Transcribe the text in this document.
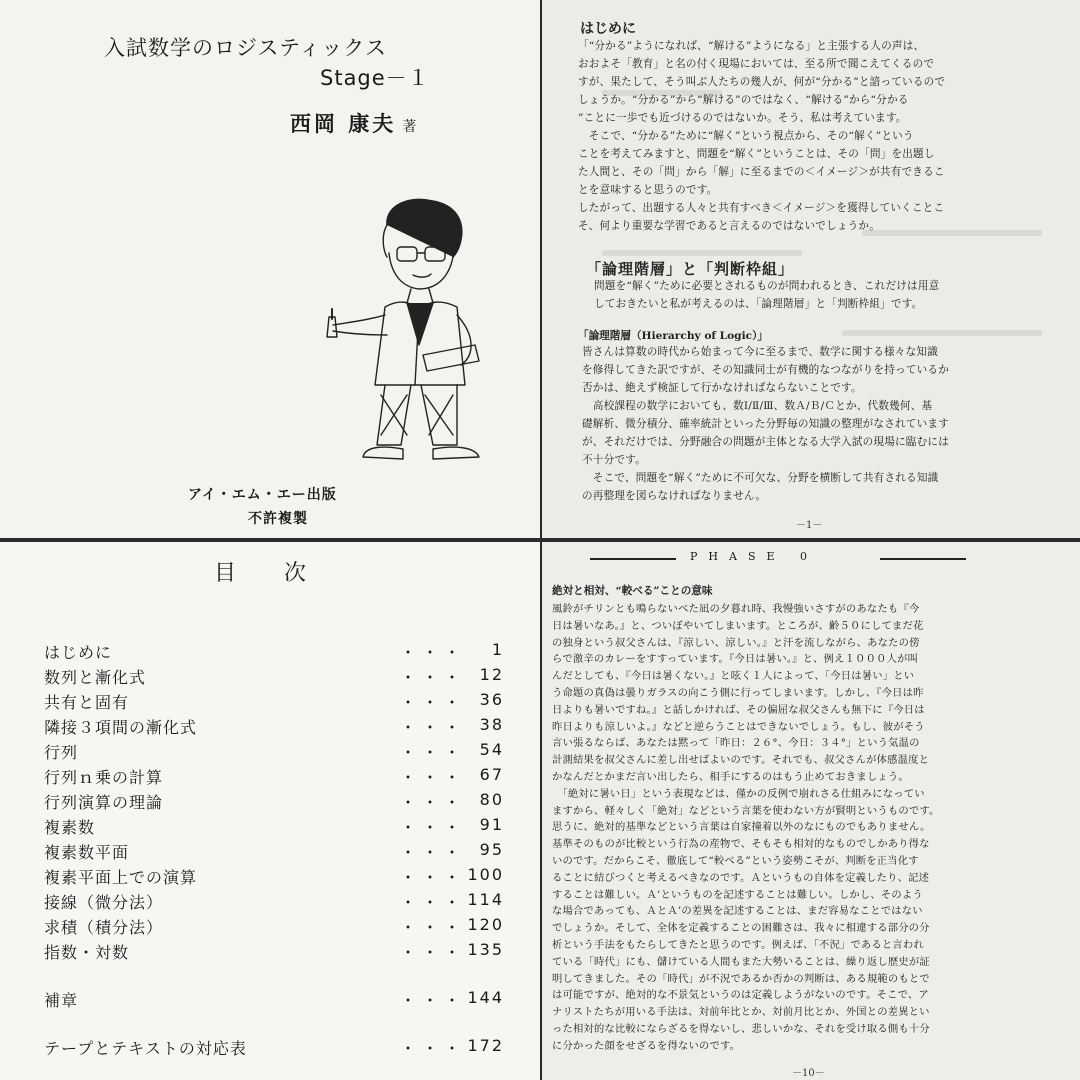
入試数学のロジスティックス
Stage－１
西岡 康夫 著
アイ・エム・エー出版
不許複製
はじめに
「“分かる”ようになれば、“解ける”ようになる」と主張する人の声は、
おおよそ「教育」と名の付く現場においては、至る所で聞こえてくるので
すが、果たして、そう叫ぶ人たちの幾人が、何が“分かる”と諳っているので
しょうか。“分かる”から“解ける”のではなく、“解ける”から“分かる
”ことに一歩でも近づけるのではないか。そう、私は考えています。
　そこで、“分かる”ために“解く”という視点から、その“解く”という
ことを考えてみますと、問題を“解く”ということは、その「問」を出題し
た人間と、その「問」から「解」に至るまでの＜イメージ＞が共有できるこ
とを意味すると思うのです。
したがって、出題する人々と共有すべき＜イメージ＞を獲得していくことこ
そ、何より重要な学習であると言えるのではないでしょうか。
「論理階層」と「判断枠組」
問題を“解く”ために必要とされるものが問われるとき、これだけは用意
しておきたいと私が考えるのは、「論理階層」と「判断枠組」です。
「論理階層（Hierarchy of Logic）」
皆さんは算数の時代から始まって今に至るまで、数学に関する様々な知識
を修得してきた訳ですが、その知識同士が有機的なつながりを持っているか
否かは、絶えず検証して行かなければならないことです。
　高校課程の数学においても、数Ⅰ/Ⅱ/Ⅲ、数Ａ/Ｂ/Ｃとか、代数幾何、基
礎解析、微分積分、確率統計といった分野毎の知識の整理がなされています
が、それだけでは、分野融合の問題が主体となる大学入試の現場に臨むには
不十分です。
　そこで、問題を“解く”ために不可欠な、分野を横断して共有される知識
の再整理を図らなければなりません。
－1－
目次
はじめに	・・・ 1
数列と漸化式	・・・ 12
共有と固有	・・・ 36
隣接３項間の漸化式	・・・ 38
行列	・・・ 54
行列ｎ乗の計算	・・・ 67
行列演算の理論	・・・ 80
複素数	・・・ 91
複素数平面	・・・ 95
複素平面上での演算	・・・ 100
接線（微分法）	・・・ 114
求積（積分法）	・・・ 120
指数・対数	・・・ 135
補章	・・・ 144
テープとテキストの対応表	・・・ 172
PHASE 0
絶対と相対、“較べる”ことの意味
風鈴がチリンとも鳴らないべた凪の夕暮れ時、我慢強いさすがのあなたも『今
日は暑いなあ。』と、ついぼやいてしまいます。ところが、齢５０にしてまだ花
の独身という叔父さんは、『涼しい、涼しい。』と汗を流しながら、あなたの傍
らで激辛のカレーをすすっています。『今日は暑い。』と、例え１０００人が叫
んだとしても、『今日は暑くない。』と呟く１人によって、「今日は暑い」とい
う命題の真偽は曇りガラスの向こう側に行ってしまいます。しかし、『今日は昨
日よりも暑いですね。』と話しかければ、その偏屈な叔父さんも無下に『今日は
昨日よりも涼しいよ。』などと逆らうことはできないでしょう。もし、彼がそう
言い張るならば、あなたは黙って「昨日：２６°、今日：３４°」という気温の
計測結果を叔父さんに差し出せばよいのです。それでも、叔父さんが体感温度と
かなんだとかまだ言い出したら、相手にするのはもう止めておきましょう。
　「絶対に暑い日」という表現などは、僅かの反例で崩れさる仕組みになってい
ますから、軽々しく「絶対」などという言葉を使わない方が賢明というものです。
思うに、絶対的基準などという言葉は自家撞着以外のなにものでもありません。
基準そのものが比較という行為の産物で、そもそも相対的なものでしかあり得な
いのです。だからこそ、徹底して“較べる”という姿勢こそが、判断を正当化す
ることに結びつくと考えるべきなのです。Ａというもの自体を定義したり、記述
することは難しい。Ａ’というものを記述することは難しい。しかし、そのよう
な場合であっても、ＡとＡ’の差異を記述することは、まだ容易なことではない
でしょうか。そして、全体を定義することの困難さは、我々に相違する部分の分
析という手法をもたらしてきたと思うのです。例えば、「不況」であると言われ
ている「時代」にも、儲けている人間もまた大勢いることは、繰り返し歴史が証
明してきました。その「時代」が不況であるか否かの判断は、ある規範のもとで
は可能ですが、絶対的な不景気というのは定義しようがないのです。そこで、ア
ナリストたちが用いる手法は、対前年比とか、対前月比とか、外国との差異とい
った相対的な比較にならざるを得ないし、悲しいかな、それを受け取る側も十分
に分かった顔をせざるを得ないのです。
－10－
